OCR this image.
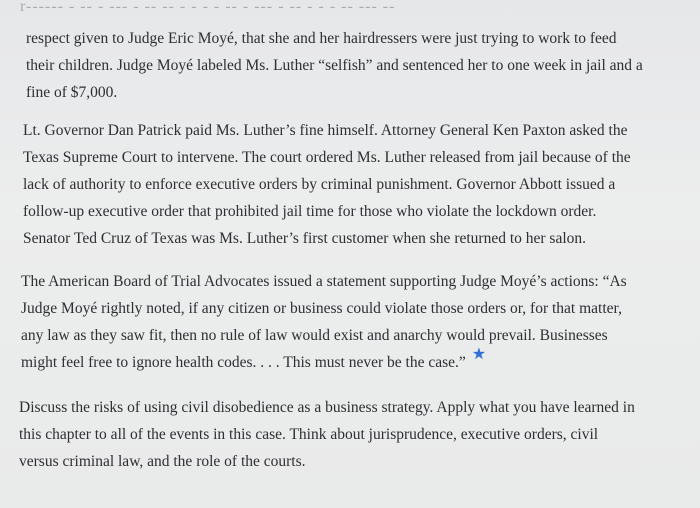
r------ - -- - --- - -- -- - - - - -- - --- - -- - - - -- --- --

respect given to Judge Eric Moyé, that she and her hairdressers were just trying to work to feed
their children. Judge Moyé labeled Ms. Luther “selfish” and sentenced her to one week in jail and a
fine of $7,000.

Lt. Governor Dan Patrick paid Ms. Luther’s fine himself. Attorney General Ken Paxton asked the
Texas Supreme Court to intervene. The court ordered Ms. Luther released from jail because of the
lack of authority to enforce executive orders by criminal punishment. Governor Abbott issued a
follow-up executive order that prohibited jail time for those who violate the lockdown order.
Senator Ted Cruz of Texas was Ms. Luther’s first customer when she returned to her salon.

The American Board of Trial Advocates issued a statement supporting Judge Moyé’s actions: “As
Judge Moyé rightly noted, if any citizen or business could violate those orders or, for that matter,
any law as they saw fit, then no rule of law would exist and anarchy would prevail. Businesses
might feel free to ignore health codes. . . . This must never be the case.” ★

Discuss the risks of using civil disobedience as a business strategy. Apply what you have learned in
this chapter to all of the events in this case. Think about jurisprudence, executive orders, civil
versus criminal law, and the role of the courts.
